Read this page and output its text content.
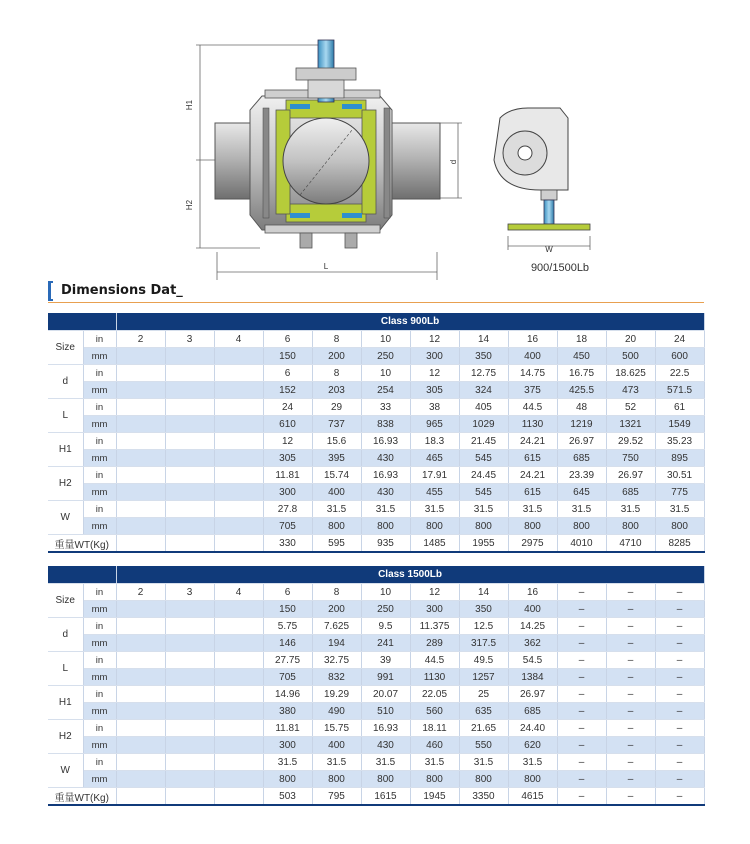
H1
H2
L
d
W
900/1500Lb
Dimensions Dat_
		Class 900Lb											
Size	in	2	3	4	6	8	10	12	14	16	18	20	24
	mm				150	200	250	300	350	400	450	500	600
d	in				6	8	10	12	12.75	14.75	16.75	18.625	22.5
	mm				152	203	254	305	324	375	425.5	473	571.5
L	in				24	29	33	38	405	44.5	48	52	61
	mm				610	737	838	965	1029	1130	1219	1321	1549
H1	in				12	15.6	16.93	18.3	21.45	24.21	26.97	29.52	35.23
	mm				305	395	430	465	545	615	685	750	895
H2	in				11.81	15.74	16.93	17.91	24.45	24.21	23.39	26.97	30.51
	mm				300	400	430	455	545	615	645	685	775
W	in				27.8	31.5	31.5	31.5	31.5	31.5	31.5	31.5	31.5
	mm				705	800	800	800	800	800	800	800	800
重量WT(Kg)					330	595	935	1485	1955	2975	4010	4710	8285
		Class 1500Lb											
Size	in	2	3	4	6	8	10	12	14	16	–	–	–
	mm				150	200	250	300	350	400	–	–	–
d	in				5.75	7.625	9.5	11.375	12.5	14.25	–	–	–
	mm				146	194	241	289	317.5	362	–	–	–
L	in				27.75	32.75	39	44.5	49.5	54.5	–	–	–
	mm				705	832	991	1130	1257	1384	–	–	–
H1	in				14.96	19.29	20.07	22.05	25	26.97	–	–	–
	mm				380	490	510	560	635	685	–	–	–
H2	in				11.81	15.75	16.93	18.11	21.65	24.40	–	–	–
	mm				300	400	430	460	550	620	–	–	–
W	in				31.5	31.5	31.5	31.5	31.5	31.5	–	–	–
	mm				800	800	800	800	800	800	–	–	–
重量WT(Kg)					503	795	1615	1945	3350	4615	–	–	–
